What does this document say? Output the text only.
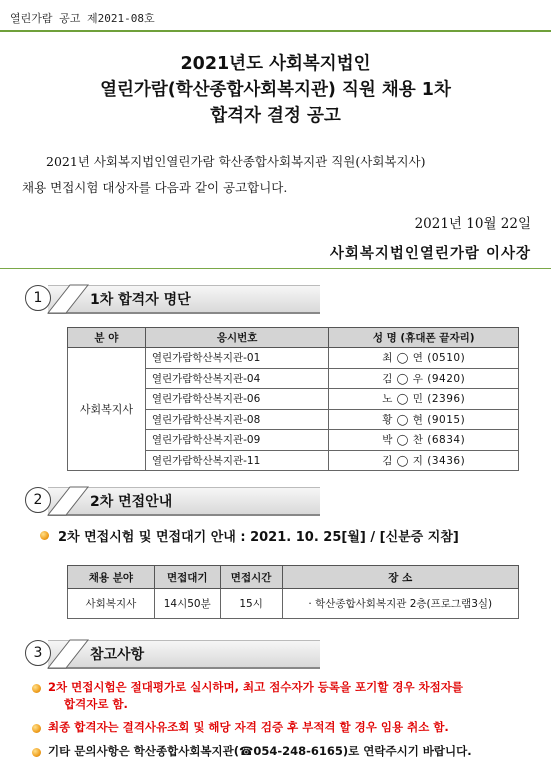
열린가람 공고 제2021-08호
2021년도 사회복지법인
열린가람(학산종합사회복지관) 직원 채용 1차
합격자 결정 공고
2021년 사회복지법인열린가람 학산종합사회복지관 직원(사회복지사)
채용 면접시험 대상자를 다음과 같이 공고합니다.
2021년 10월 22일
사회복지법인열린가람 이사장
1	1차 합격자 명단
분 야	응시번호	성 명 (휴대폰 끝자리)
사회복지사	열린가람학산복지관-01	최 ◯ 연 (0510)
	열린가람학산복지관-04	김 ◯ 우 (9420)
	열린가람학산복지관-06	노 ◯ 민 (2396)
	열린가람학산복지관-08	황 ◯ 현 (9015)
	열린가람학산복지관-09	박 ◯ 찬 (6834)
	열린가람학산복지관-11	김 ◯ 지 (3436)
2	2차 면접안내
2차 면접시험 및 면접대기 안내 : 2021. 10. 25[월] / [신분증 지참]
채용 분야	면접대기	면접시간	장 소
사회복지사	14시50분	15시	· 학산종합사회복지관 2층(프로그램3실)
3	참고사항
2차 면접시험은 절대평가로 실시하며, 최고 점수자가 등록을 포기할 경우 차점자를
합격자로 함.
최종 합격자는 결격사유조회 및 해당 자격 검증 후 부적격 할 경우 임용 취소 함.
기타 문의사항은 학산종합사회복지관(☎054-248-6165)로 연락주시기 바랍니다.
